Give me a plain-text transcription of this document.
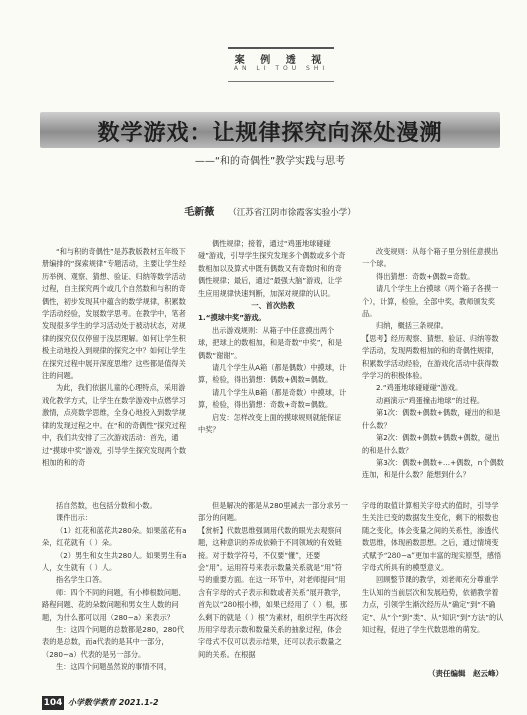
案 例 透 视
AN LI TOU SHI
数学游戏：让规律探究向深处漫溯
——“和的奇偶性”教学实践与思考
毛新薇 （江苏省江阴市徐霞客实验小学）

“和与积的奇偶性”是苏教版教材五年级下册编排的“探索规律”专题活动，主要让学生经历举例、观察、猜想、验证、归纳等数学活动过程，自主探究两个或几个自然数和与积的奇偶性，初步发现其中蕴含的数学规律，积累数学活动经验，发展数学思考。在教学中，笔者发现很多学生的学习活动处于被动状态，对规律的探究仅仅停留于浅层理解。如何让学生积极主动地投入到规律的探究之中？如何让学生在探究过程中展开深度思维？这些都是值得关注的问题。

为此，我们依据儿童的心理特点，采用游戏化教学方式，让学生在数学游戏中点燃学习激情，点亮数学思维，全身心地投入到数学规律的发现过程之中。在“和的奇偶性”探究过程中，我们共安排了三次游戏活动：首先，通过“摸球中奖”游戏，引导学生探究发现两个数相加的和的奇

偶性规律；接着，通过“鸡蛋地球碰碰碰”游戏，引导学生探究发现多个偶数或多个奇数相加以及算式中既有偶数又有奇数时和的奇偶性规律；最后，通过“最强大脑”游戏，让学生应用规律快速判断，加深对规律的认识。

一、首次热教

1.“摸球中奖”游戏。

出示游戏规则：从箱子中任意摸出两个球，把球上的数相加，和是奇数“中奖”，和是偶数“谢谢”。

请几个学生从A箱（都是偶数）中摸球，计算，检验，得出猜想：偶数+偶数=偶数。

请几个学生从B箱（都是奇数）中摸球，计算，检验，得出猜想：奇数+奇数=偶数。

启发：怎样改变上面的摸球规则就能保证中奖？

改变规则：从每个箱子里分别任意摸出一个球。

得出猜想：奇数+偶数=奇数。

请几个学生上台摸球（两个箱子各摸一个），计算，检验，全部中奖，教师颁发奖品。

归纳，概括三条规律。

【思考】经历观察、猜想、验证、归纳等数学活动，发现两数相加的和的奇偶性规律，积累数学活动经验，在游戏化活动中获得数学学习的积极体验。

2.“鸡蛋地球碰碰碰”游戏。

动画演示“鸡蛋撞击地球”的过程。

第1次：偶数+偶数+偶数，碰出的和是什么数？

第2次：偶数+偶数+偶数+偶数，碰出的和是什么数？

第3次：偶数+偶数+…+偶数，n个偶数连加，和是什么数？能想到什么？

括自然数，也包括分数和小数。

课件出示：

（1）红花和蓝花共280朵。如果蓝花有a朵，红花就有（ ）朵。

（2）男生和女生共280人。如果男生有a人，女生就有（ ）人。

指名学生口答。

师：四个不同的问题，有小棒根数问题、路程问题、花的朵数问题和男女生人数的问题，为什么都可以用（280−a）来表示？

生：这四个问题的总数都是280，280代表的是总数，而a代表的是其中一部分，（280−a）代表的是另一部分。

生：这四个问题虽然说的事情不同，

但是解决的都是从280里减去一部分求另一部分的问题。

【赏析】代数思维强调用代数的眼光去观察问题，这种意识的养成依赖于不同领域的有效链接。对于数学符号，不仅要“懂”，还要会“用”。运用符号来表示数量关系就是“用”符号的重要方面。在这一环节中，对老师提问“用含有字母的式子表示和数或者关系”展开教学，首先以“280根小棒，如果已经用了（ ）根，那么剩下的就是（ ）根”为素材，组织学生再次经历用字母表示数和数量关系的抽象过程，体会字母式不仅可以表示结果，还可以表示数量之间的关系。在根据

字母的取值计算相关字母式的值时，引导学生关注已变的数据发生变化，剩下的根数也随之变化，体会变量之间的关系性，渗透代数思维，体现函数思想。之后，通过情境变式赋予“280−a”更加丰富的现实原型，感悟字母式所具有的模型意义。

回顾整节课的教学，刘老师充分尊重学生认知的当前层次和发展趋势，依循教学着力点，引领学生渐次经历从“确定”到“不确定”、从“个”到“类”、从“知识”到“方法”的认知过程，促进了学生代数思维的萌发。

（责任编辑　赵云峰）
104 小学数学教育 2021.1-2
